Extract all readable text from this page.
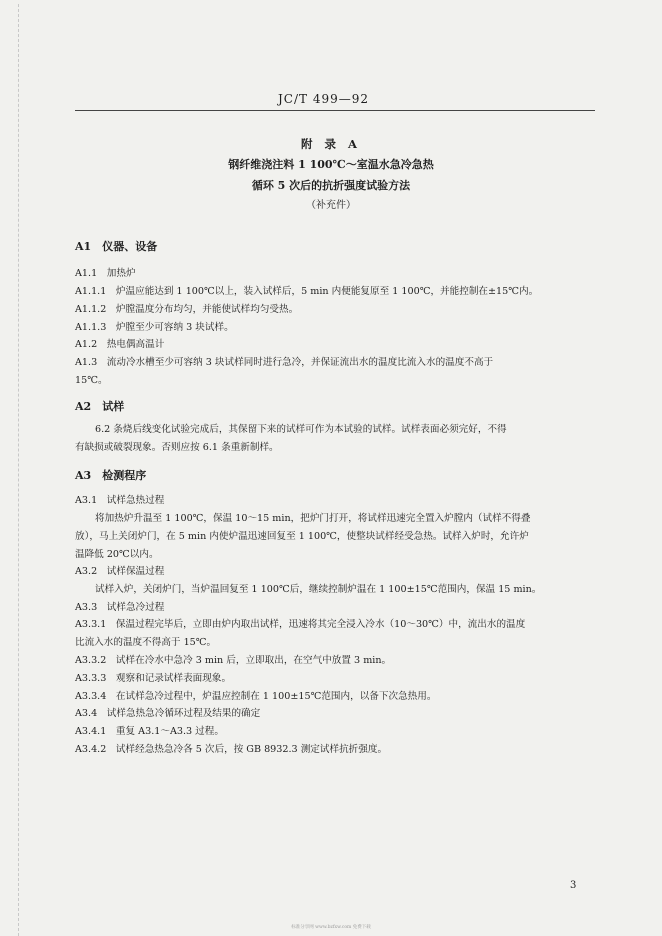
JC/T 499—92
附 录 A
钢纤维浇注料 1 100℃～室温水急冷急热
循环 5 次后的抗折强度试验方法
（补充件）
A1　仪器、设备
A1.1　加热炉
A1.1.1　炉温应能达到 1 100℃以上，装入试样后，5 min 内便能复原至 1 100℃，并能控制在±15℃内。
A1.1.2　炉膛温度分布均匀，并能使试样均匀受热。
A1.1.3　炉膛至少可容纳 3 块试样。
A1.2　热电偶高温计
A1.3　流动冷水槽至少可容纳 3 块试样同时进行急冷，并保证流出水的温度比流入水的温度不高于
15℃。
A2　试样
6.2 条烧后线变化试验完成后，其保留下来的试样可作为本试验的试样。试样表面必须完好，不得
有缺损或破裂现象。否则应按 6.1 条重新制样。
A3　检测程序
A3.1　试样急热过程
将加热炉升温至 1 100℃，保温 10～15 min，把炉门打开，将试样迅速完全置入炉膛内（试样不得叠
放），马上关闭炉门，在 5 min 内使炉温迅速回复至 1 100℃，使整块试样经受急热。试样入炉时，允许炉
温降低 20℃以内。
A3.2　试样保温过程
试样入炉，关闭炉门，当炉温回复至 1 100℃后，继续控制炉温在 1 100±15℃范围内，保温 15 min。
A3.3　试样急冷过程
A3.3.1　保温过程完毕后，立即由炉内取出试样，迅速将其完全浸入冷水（10～30℃）中，流出水的温度
比流入水的温度不得高于 15℃。
A3.3.2　试样在冷水中急冷 3 min 后，立即取出，在空气中放置 3 min。
A3.3.3　观察和记录试样表面现象。
A3.3.4　在试样急冷过程中，炉温应控制在 1 100±15℃范围内，以备下次急热用。
A3.4　试样急热急冷循环过程及结果的确定
A3.4.1　重复 A3.1～A3.3 过程。
A3.4.2　试样经急热急冷各 5 次后，按 GB 8932.3 测定试样抗折强度。
3
标准分享网 www.bzfxw.com 免费下载
